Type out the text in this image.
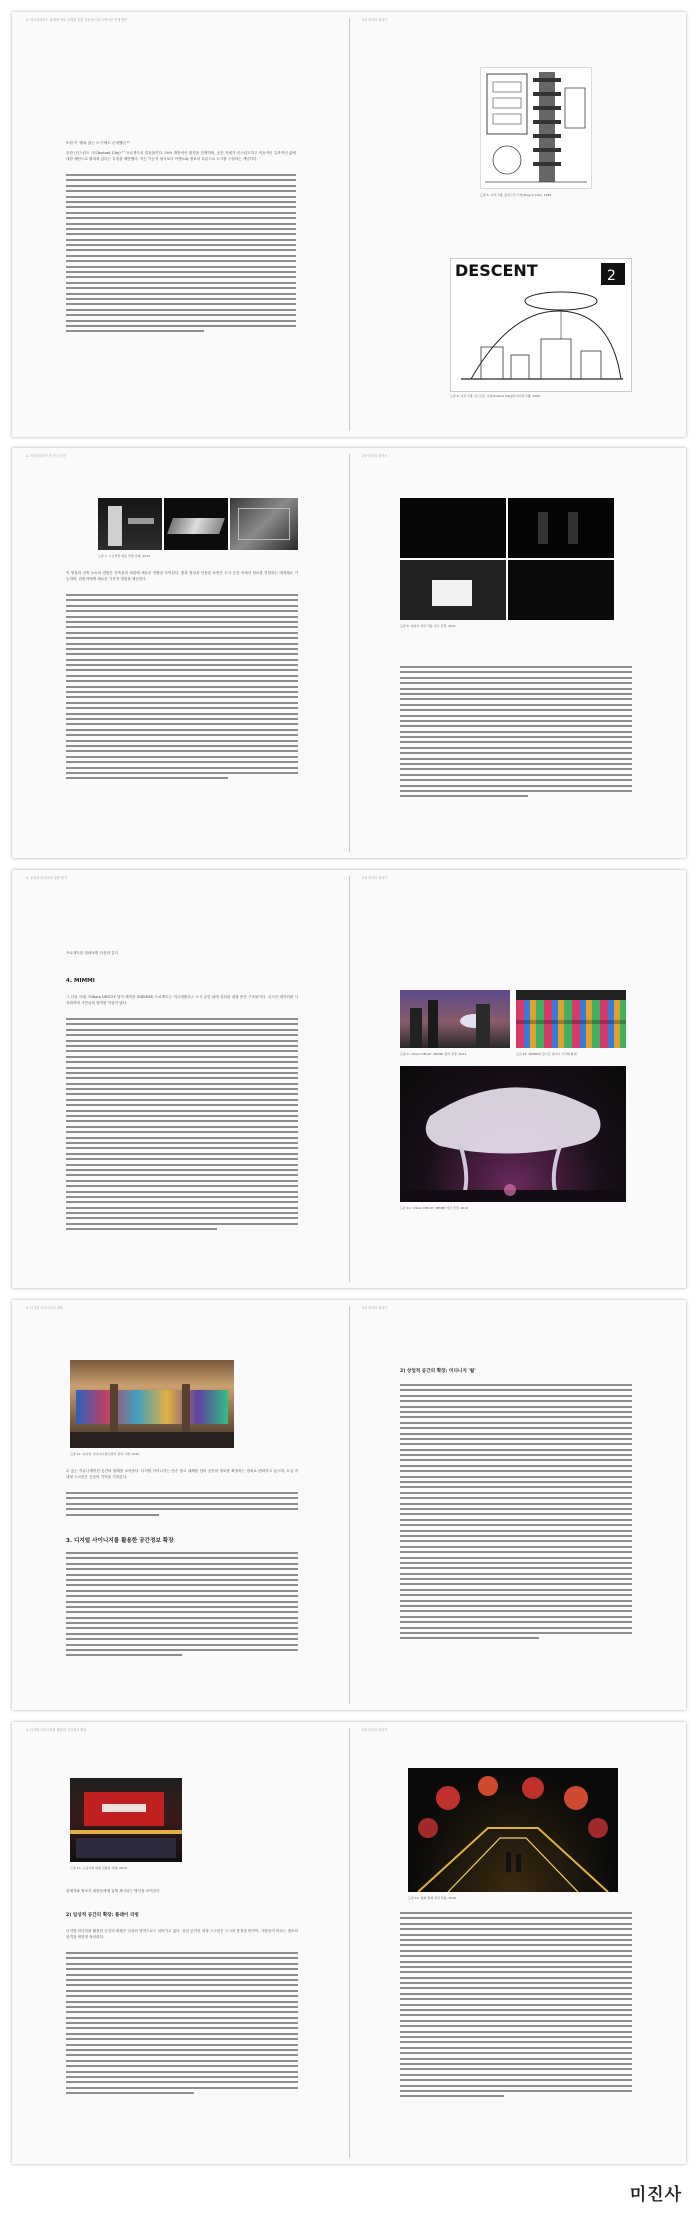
4. 미디어파사드 잠재적 정보 공개를 통한 공동체 커뮤니케이션 연계 방안	2장 미디어 파사드
또한 이 '펼쳐 있는 도시'에도 존재했던 ²⁶
초반 (인스턴트 시티Instant City) ²⁷ 프로젝트의 결과물이다. 30% 개방적인 환경을 전제하며, 공간 자체가 인스턴트하고 이동적인 유목적인 삶에 대한 제안으로 펼쳐져 있다는 특징을 제안했다. 이는 기능적 형식보다 이벤트와 정보의 흐름으로 도시를 구성하는 개념이다.
도판 5. 아키그램, 플러그인 시티(Plug-in City), 1964
DESCENT	2
도판 6. 아키그램, 인스턴트 시티(Instant City)의 다이어그램, 1969
4. 미디어파사드의 전시 공간	2장 미디어 파사드
도판 7. 프로젝션 매핑 작업 사례, 2013
이 영상과 건축 요소의 결합은 건축물의 외관에 새로운 역할을 부여한다. 빛과 영상을 이용한 표면은 도시 공간 속에서 정보를 전달하는 매개체로 기능하며, 관람자에게 새로운 시각적 경험을 제공한다.
도판 8. 미디어 설치 작품 전시 전경, 2011
4. 공간과 미디어의 결합 방식	2장 미디어 파사드
프로젝트를 살펴보면 다음과 같다.
4. MIMMI
그 다음 사례, Urbain DECOY 팀이 제작한 (MIMMI) 프로젝트는 미니애폴리스 도시 공간 위에 설치된 대형 풍선 구조물이다. 실시간 데이터를 시각화하며 시민들의 참여를 이끌어 냈다.
도판 9. Urbain DECOY, MIMMI 설치 전경, 2012	도판 10. MIMMI의 실시간 데이터 시각화 화면
도판 11. Urbain DECOY, MIMMI 야간 전경, 2012
4. 디지털 사이니지의 변화	2장 미디어 파사드
도판 12. 디지털 사이니지 파노라마 설치 사례, 2015
수 있는 커뮤니케이션 공간의 형태를 보여준다. 디지털 사이니지는 단순 광고 매체를 넘어 공간의 정보를 확장하는 장치로 변화하고 있으며, 도심 속 대형 스크린은 공공의 기억을 기록한다.
3. 디지털 사이니지를 활용한 공간정보 확장
2) 상업적 공간의 확장: 미디니지 '월'
4. 디지털 사이니지를 활용한 공간정보 확장	2장 미디어 파사드
도판 13. 쇼핑가의 대형 전광판 사례, 2014
관계자와 정보가 대중들에게 실제 제시되는 방식을 보여준다.
2) 일상적 공간의 확장: 플레이 리빙
디지털 미디어를 활용한 공간의 확장은 일상의 영역으로도 넘어가고 있다. 상업 공간의 대형 스크린은 도시의 풍경을 바꾸며, 사람들이 머무는 장소의 성격을 새롭게 정의한다.
도판 14. 빛의 축제 설치 작품, 2016
미진사
